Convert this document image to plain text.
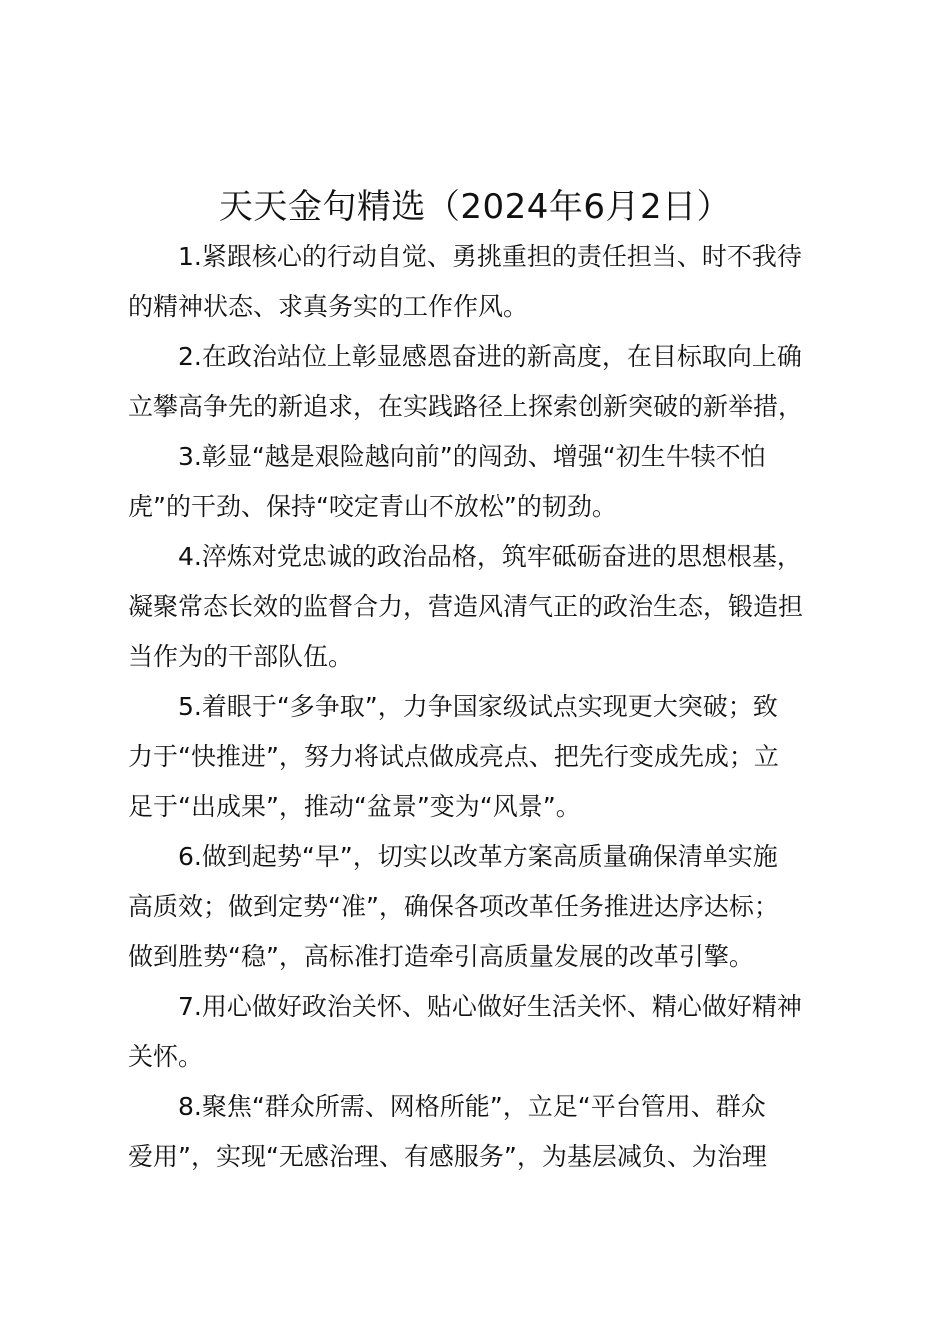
天天金句精选（2024年6月2日）

1.紧跟核心的行动自觉、勇挑重担的责任担当、时不我待
的精神状态、求真务实的工作作风。

2.在政治站位上彰显感恩奋进的新高度，在目标取向上确
立攀高争先的新追求，在实践路径上探索创新突破的新举措，

3.彰显“越是艰险越向前”的闯劲、增强“初生牛犊不怕
虎”的干劲、保持“咬定青山不放松”的韧劲。

4.淬炼对党忠诚的政治品格，筑牢砥砺奋进的思想根基，
凝聚常态长效的监督合力，营造风清气正的政治生态，锻造担
当作为的干部队伍。

5.着眼于“多争取”，力争国家级试点实现更大突破；致
力于“快推进”，努力将试点做成亮点、把先行变成先成；立
足于“出成果”，推动“盆景”变为“风景”。

6.做到起势“早”，切实以改革方案高质量确保清单实施
高质效；做到定势“准”，确保各项改革任务推进达序达标；
做到胜势“稳”，高标准打造牵引高质量发展的改革引擎。

7.用心做好政治关怀、贴心做好生活关怀、精心做好精神
关怀。

8.聚焦“群众所需、网格所能”，立足“平台管用、群众
爱用”，实现“无感治理、有感服务”，为基层减负、为治理
